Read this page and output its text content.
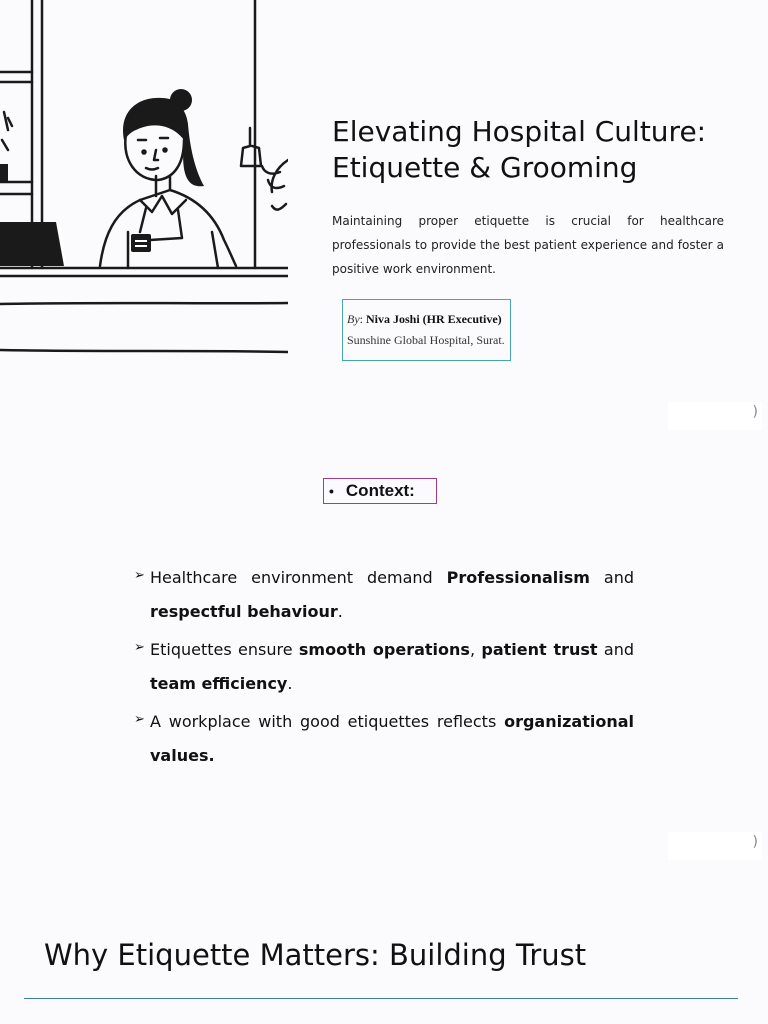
Elevating Hospital Culture:
Etiquette & Grooming

Maintaining proper etiquette is crucial for healthcare professionals to provide the best patient experience and foster a positive work environment.

By: Niva Joshi (HR Executive)
Sunshine Global Hospital, Surat.
)
• Context:
➢ Healthcare environment demand Professionalism and respectful behaviour.
➢ Etiquettes ensure smooth operations, patient trust and team efficiency.
➢ A workplace with good etiquettes reflects organizational values.
)
Why Etiquette Matters: Building Trust
